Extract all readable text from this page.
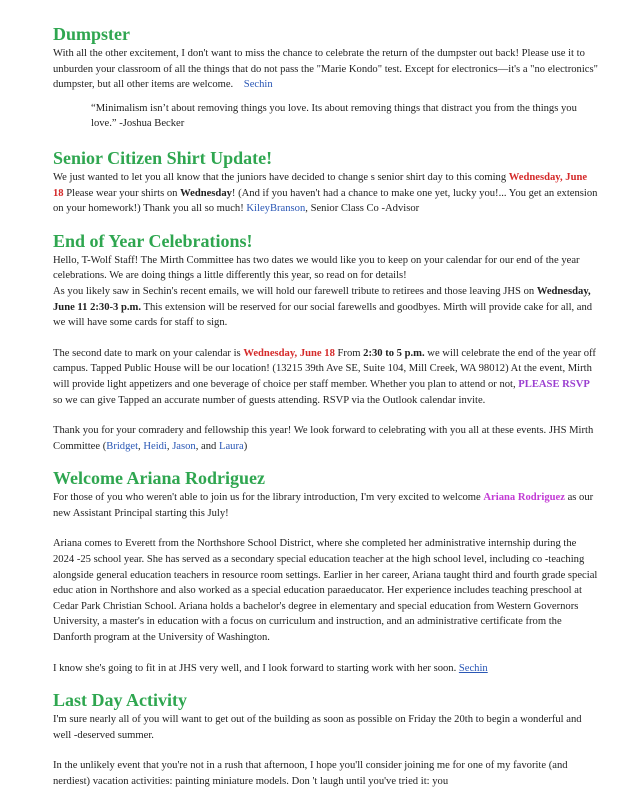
Dumpster

With all the other excitement, I don't want to miss the chance to celebrate the return of the dumpster out back! Please use it to unburden your classroom of all the things that do not pass the "Marie Kondo" test. Except for electronics—it's a "no electronics" dumpster, but all other items are welcome. Sechin

“Minimalism isn’t about removing things you love. Its about removing things that distract you from the things you love.” -Joshua Becker

Senior Citizen Shirt Update!

We just wanted to let you all know that the juniors have decided to change s senior shirt day to this coming Wednesday, June 18 Please wear your shirts on Wednesday! (And if you haven't had a chance to make one yet, lucky you!... You get an extension on your homework!) Thank you all so much! KileyBranson, Senior Class Co -Advisor

End of Year Celebrations!

Hello, T-Wolf Staff! The Mirth Committee has two dates we would like you to keep on your calendar for our end of the year celebrations. We are doing things a little differently this year, so read on for details!

As you likely saw in Sechin's recent emails, we will hold our farewell tribute to retirees and those leaving JHS on Wednesday, June 11 2:30-3 p.m. This extension will be reserved for our social farewells and goodbyes. Mirth will provide cake for all, and we will have some cards for staff to sign.

The second date to mark on your calendar is Wednesday, June 18 From 2:30 to 5 p.m. we will celebrate the end of the year off campus. Tapped Public House will be our location! (13215 39th Ave SE, Suite 104, Mill Creek, WA 98012) At the event, Mirth will provide light appetizers and one beverage of choice per staff member. Whether you plan to attend or not, PLEASE RSVP so we can give Tapped an accurate number of guests attending. RSVP via the Outlook calendar invite.

Thank you for your comradery and fellowship this year! We look forward to celebrating with you all at these events. JHS Mirth Committee (Bridget, Heidi, Jason, and Laura)

Welcome Ariana Rodriguez

For those of you who weren't able to join us for the library introduction, I'm very excited to welcome Ariana Rodriguez as our new Assistant Principal starting this July!

Ariana comes to Everett from the Northshore School District, where she completed her administrative internship during the 2024 -25 school year. She has served as a secondary special education teacher at the high school level, including co -teaching alongside general education teachers in resource room settings. Earlier in her career, Ariana taught third and fourth grade special educ ation in Northshore and also worked as a special education paraeducator. Her experience includes teaching preschool at Cedar Park Christian School. Ariana holds a bachelor's degree in elementary and special education from Western Governors University, a master's in education with a focus on curriculum and instruction, and an administrative certificate from the Danforth program at the University of Washington.

I know she's going to fit in at JHS very well, and I look forward to starting work with her soon. Sechin

Last Day Activity

I'm sure nearly all of you will want to get out of the building as soon as possible on Friday the 20th to begin a wonderful and well -deserved summer.

In the unlikely event that you're not in a rush that afternoon, I hope you'll consider joining me for one of my favorite (and nerdiest) vacation activities: painting miniature models. Don 't laugh until you've tried it: you
